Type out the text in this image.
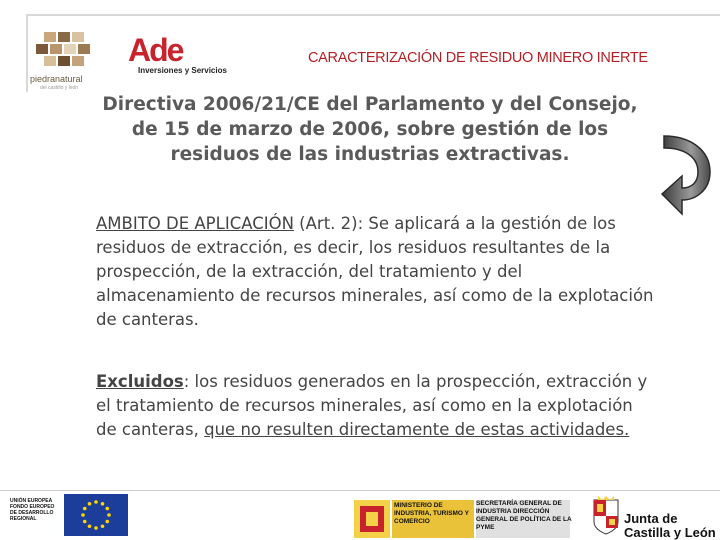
piedranatural
del castillo y león
Ade
Inversiones y Servicios
CARACTERIZACIÓN DE RESIDUO MINERO INERTE
Directiva 2006/21/CE del Parlamento y del Consejo, de 15 de marzo de 2006, sobre gestión de los residuos de las industrias extractivas.
AMBITO DE APLICACIÓN (Art. 2): Se aplicará a la gestión de los residuos de extracción, es decir, los residuos resultantes de la prospección, de la extracción, del tratamiento y del almacenamiento de recursos minerales, así como de la explotación de canteras.
Excluidos: los residuos generados en la prospección, extracción y el tratamiento de recursos minerales, así como en la explotación de canteras, que no resulten directamente de estas actividades.
UNIÓN EUROPEA FONDO EUROPEO DE DESARROLLO REGIONAL
MINISTERIO DE INDUSTRIA, TURISMO Y COMERCIO
SECRETARÍA GENERAL DE INDUSTRIA DIRECCIÓN GENERAL DE POLÍTICA DE LA PYME
Junta de
Castilla y León
